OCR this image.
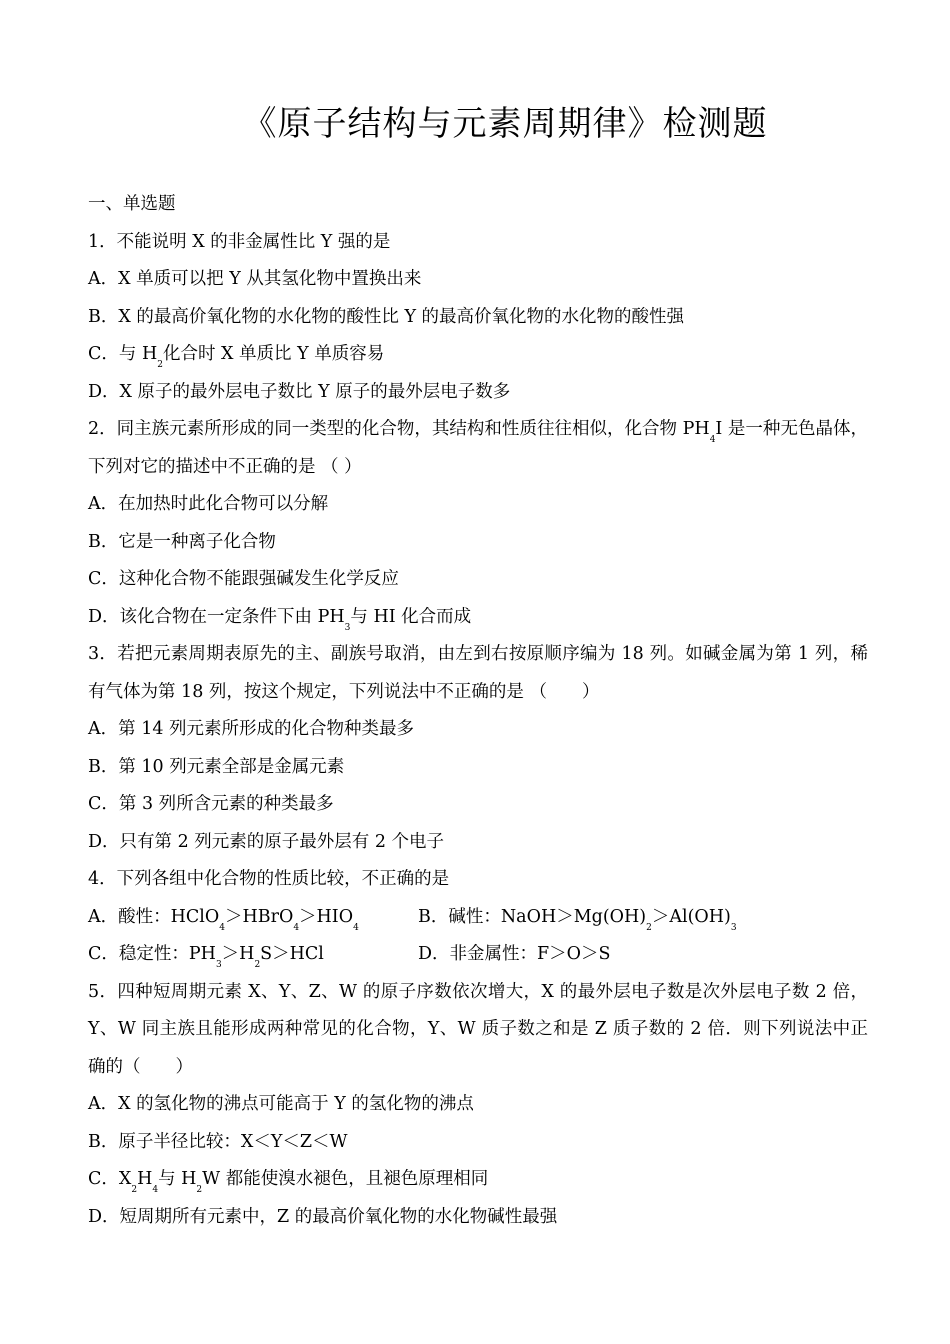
《原子结构与元素周期律》检测题
一、单选题
1．不能说明 X 的非金属性比 Y 强的是
A．X 单质可以把 Y 从其氢化物中置换出来
B．X 的最高价氧化物的水化物的酸性比 Y 的最高价氧化物的水化物的酸性强
C．与 $H_2$化合时 X 单质比 Y 单质容易
D．X 原子的最外层电子数比 Y 原子的最外层电子数多
2．同主族元素所形成的同一类型的化合物，其结构和性质往往相似，化合物 $PH_4I$ 是一种无色晶体，下列对它的描述中不正确的是 （ ）
A．在加热时此化合物可以分解
B．它是一种离子化合物
C．这种化合物不能跟强碱发生化学反应
D．该化合物在一定条件下由 $PH_3$与 HI 化合而成
3．若把元素周期表原先的主、副族号取消，由左到右按原顺序编为 18 列。如碱金属为第 1 列，稀有气体为第 18 列，按这个规定，下列说法中不正确的是 （　　）
A．第 14 列元素所形成的化合物种类最多
B．第 10 列元素全部是金属元素
C．第 3 列所含元素的种类最多
D．只有第 2 列元素的原子最外层有 2 个电子
4．下列各组中化合物的性质比较，不正确的是
A．酸性：$HClO_4>HBrO_4>HIO_4$
B．碱性：$NaOH>Mg(OH)_2>Al(OH)_3$
C．稳定性：$PH_3>H_2S>HCl$	D．非金属性：F＞O＞S
5．四种短周期元素 X、Y、Z、W 的原子序数依次增大，X 的最外层电子数是次外层电子数 2 倍，Y、W 同主族且能形成两种常见的化合物，Y、W 质子数之和是 Z 质子数的 2 倍．则下列说法中正确的（　　）
A．X 的氢化物的沸点可能高于 Y 的氢化物的沸点
B．原子半径比较：X＜Y＜Z＜W
C．$X_2H_4$与 $H_2W$ 都能使溴水褪色，且褪色原理相同
D．短周期所有元素中，Z 的最高价氧化物的水化物碱性最强
